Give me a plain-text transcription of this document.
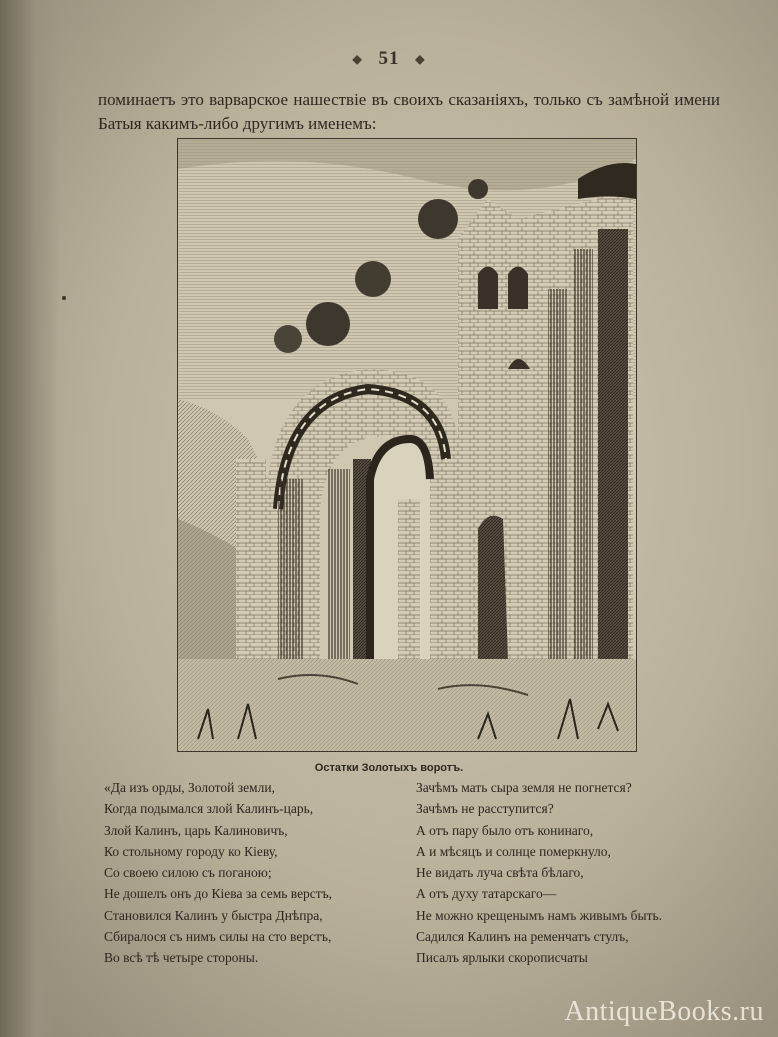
◆ 51 ◆
поминаетъ это варварское нашествіе въ своихъ сказаніяхъ, только съ замѣной имени Батыя какимъ-либо другимъ именемъ:
Остатки Золотыхъ воротъ.
«Да изъ орды, Золотой земли,
Когда подымался злой Калинъ-царь,
Злой Калинъ, царь Калиновичъ,
Ко стольному городу ко Кіеву,
Со своею силою съ поганою;
Не дошелъ онъ до Кіева за семь верстъ,
Становился Калинъ у быстра Днѣпра,
Сбиралося съ нимъ силы на сто верстъ,
Во всѣ тѣ четыре стороны.
Зачѣмъ мать сыра земля не погнется?
Зачѣмъ не расступится?
А отъ пару было отъ конинаго,
А и мѣсяцъ и солнце померкнуло,
Не видать луча свѣта бѣлаго,
А отъ духу татарскаго—
Не можно крещенымъ намъ живымъ быть.
Садился Калинъ на ременчатъ стулъ,
Писалъ ярлыки скорописчаты
AntiqueBooks.ru
